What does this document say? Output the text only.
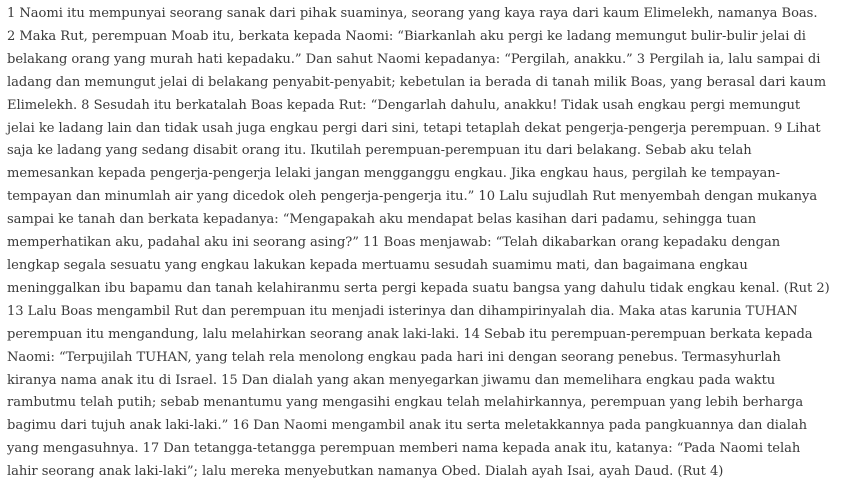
1 Naomi itu mempunyai seorang sanak dari pihak suaminya, seorang yang kaya raya dari kaum Elimelekh, namanya Boas.
2 Maka Rut, perempuan Moab itu, berkata kepada Naomi: “Biarkanlah aku pergi ke ladang memungut bulir-bulir jelai di
belakang orang yang murah hati kepadaku.” Dan sahut Naomi kepadanya: “Pergilah, anakku.” 3 Pergilah ia, lalu sampai di
ladang dan memungut jelai di belakang penyabit-penyabit; kebetulan ia berada di tanah milik Boas, yang berasal dari kaum
Elimelekh. 8 Sesudah itu berkatalah Boas kepada Rut: “Dengarlah dahulu, anakku! Tidak usah engkau pergi memungut
jelai ke ladang lain dan tidak usah juga engkau pergi dari sini, tetapi tetaplah dekat pengerja-pengerja perempuan. 9 Lihat
saja ke ladang yang sedang disabit orang itu. Ikutilah perempuan-perempuan itu dari belakang. Sebab aku telah
memesankan kepada pengerja-pengerja lelaki jangan mengganggu engkau. Jika engkau haus, pergilah ke tempayan-
tempayan dan minumlah air yang dicedok oleh pengerja-pengerja itu.” 10 Lalu sujudlah Rut menyembah dengan mukanya
sampai ke tanah dan berkata kepadanya: “Mengapakah aku mendapat belas kasihan dari padamu, sehingga tuan
memperhatikan aku, padahal aku ini seorang asing?” 11 Boas menjawab: “Telah dikabarkan orang kepadaku dengan
lengkap segala sesuatu yang engkau lakukan kepada mertuamu sesudah suamimu mati, dan bagaimana engkau
meninggalkan ibu bapamu dan tanah kelahiranmu serta pergi kepada suatu bangsa yang dahulu tidak engkau kenal. (Rut 2)
13 Lalu Boas mengambil Rut dan perempuan itu menjadi isterinya dan dihampirinyalah dia. Maka atas karunia TUHAN
perempuan itu mengandung, lalu melahirkan seorang anak laki-laki. 14 Sebab itu perempuan-perempuan berkata kepada
Naomi: “Terpujilah TUHAN, yang telah rela menolong engkau pada hari ini dengan seorang penebus. Termasyhurlah
kiranya nama anak itu di Israel. 15 Dan dialah yang akan menyegarkan jiwamu dan memelihara engkau pada waktu
rambutmu telah putih; sebab menantumu yang mengasihi engkau telah melahirkannya, perempuan yang lebih berharga
bagimu dari tujuh anak laki-laki.” 16 Dan Naomi mengambil anak itu serta meletakkannya pada pangkuannya dan dialah
yang mengasuhnya. 17 Dan tetangga-tetangga perempuan memberi nama kepada anak itu, katanya: “Pada Naomi telah
lahir seorang anak laki-laki”; lalu mereka menyebutkan namanya Obed. Dialah ayah Isai, ayah Daud. (Rut 4)
